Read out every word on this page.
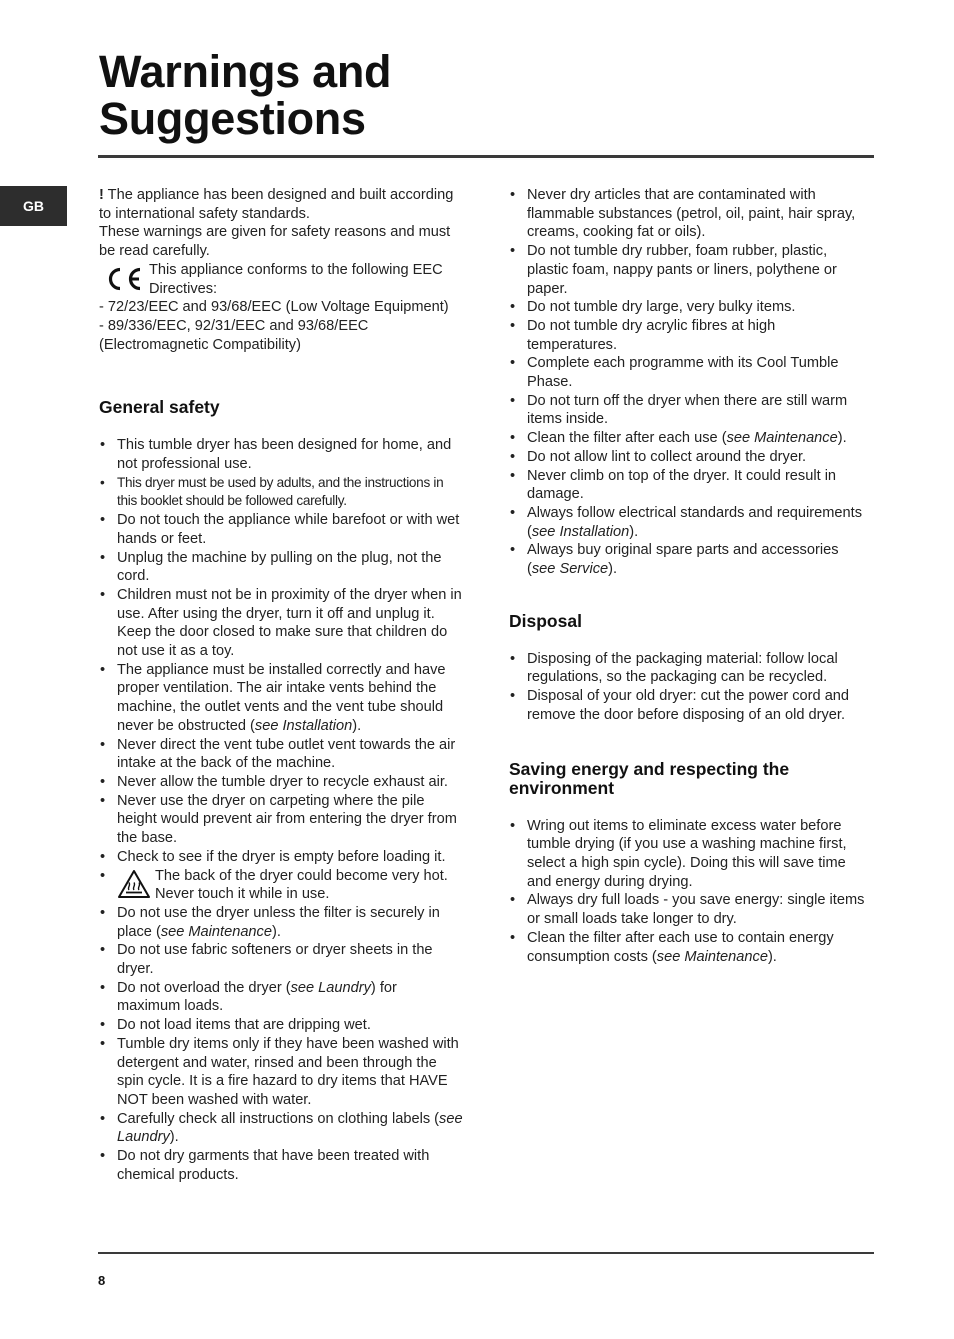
Warnings and
Suggestions
GB

! The appliance has been designed and built according to international safety standards.

These warnings are given for safety reasons and must be read carefully.

This appliance conforms to the following EEC Directives:

- 72/23/EEC and 93/68/EEC (Low Voltage Equipment)

- 89/336/EEC, 92/31/EEC and 93/68/EEC (Electromagnetic Compatibility)

General safety
• This tumble dryer has been designed for home, and not professional use.
• This dryer must be used by adults, and the instructions in this booklet should be followed carefully.
• Do not touch the appliance while barefoot or with wet hands or feet.
• Unplug the machine by pulling on the plug, not the cord.
• Children must not be in proximity of the dryer when in use. After using the dryer, turn it off and unplug it. Keep the door closed to make sure that children do not use it as a toy.
• The appliance must be installed correctly and have proper ventilation. The air intake vents behind the machine, the outlet vents and the vent tube should never be obstructed (see Installation).
• Never direct the vent tube outlet vent towards the air intake at the back of the machine.
• Never allow the tumble dryer to recycle exhaust air.
• Never use the dryer on carpeting where the pile height would prevent air from entering the dryer from the base.
• Check to see if the dryer is empty before loading it.
• The back of the dryer could become very hot. Never touch it while in use.
• Do not use the dryer unless the filter is securely in place (see Maintenance).
• Do not use fabric softeners or dryer sheets in the dryer.
• Do not overload the dryer (see Laundry) for maximum loads.
• Do not load items that are dripping wet.
• Tumble dry items only if they have been washed with detergent and water, rinsed and been through the spin cycle. It is a fire hazard to dry items that HAVE NOT been washed with water.
• Carefully check all instructions on clothing labels (see Laundry).
• Do not dry garments that have been treated with chemical products.
• Never dry articles that are contaminated with flammable substances (petrol, oil, paint, hair spray, creams, cooking fat or oils).
• Do not tumble dry rubber, foam rubber, plastic, plastic foam, nappy pants or liners, polythene or paper.
• Do not tumble dry large, very bulky items.
• Do not tumble dry acrylic fibres at high temperatures.
• Complete each programme with its Cool Tumble Phase.
• Do not turn off the dryer when there are still warm items inside.
• Clean the filter after each use (see Maintenance).
• Do not allow lint to collect around the dryer.
• Never climb on top of the dryer. It could result in damage.
• Always follow electrical standards and requirements (see Installation).
• Always buy original spare parts and accessories (see Service).
Disposal
• Disposing of the packaging material: follow local regulations, so the packaging can be recycled.
• Disposal of your old dryer: cut the power cord and remove the door before disposing of an old dryer.
Saving energy and respecting the environment
• Wring out items to eliminate excess water before tumble drying (if you use a washing machine first, select a high spin cycle). Doing this will save time and energy during drying.
• Always dry full loads - you save energy: single items or small loads take longer to dry.
• Clean the filter after each use to contain energy consumption costs (see Maintenance).
8
